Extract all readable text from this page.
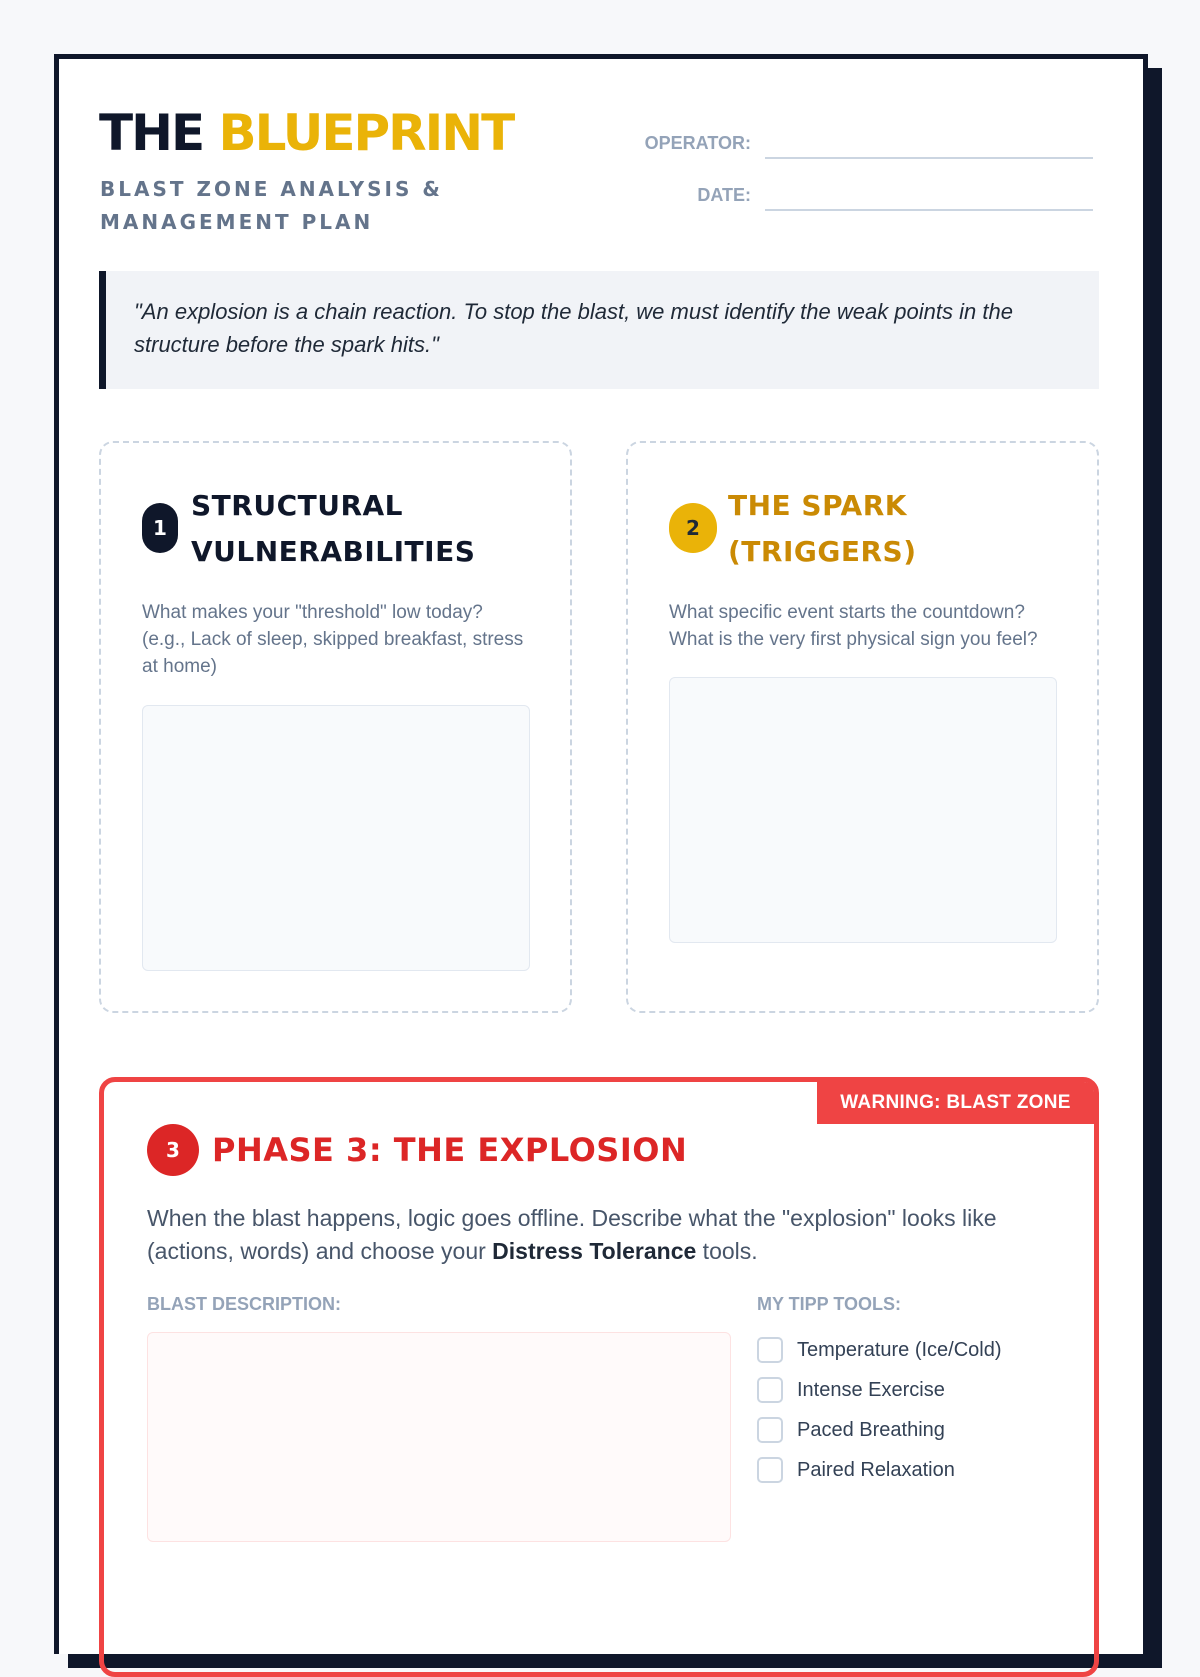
THE BLUEPRINT
BLAST ZONE ANALYSIS & MANAGEMENT PLAN
OPERATOR:
DATE:
"An explosion is a chain reaction. To stop the blast, we must identify the weak points in the structure before the spark hits."
1
STRUCTURAL VULNERABILITIES
What makes your "threshold" low today? (e.g., Lack of sleep, skipped breakfast, stress at home)
2
THE SPARK (TRIGGERS)
What specific event starts the countdown? What is the very first physical sign you feel?
WARNING: BLAST ZONE
3	PHASE 3: THE EXPLOSION
When the blast happens, logic goes offline. Describe what the "explosion" looks like (actions, words) and choose your Distress Tolerance tools.
BLAST DESCRIPTION:	MY TIPP TOOLS:
Temperature (Ice/Cold)
Intense Exercise
Paced Breathing
Paired Relaxation
